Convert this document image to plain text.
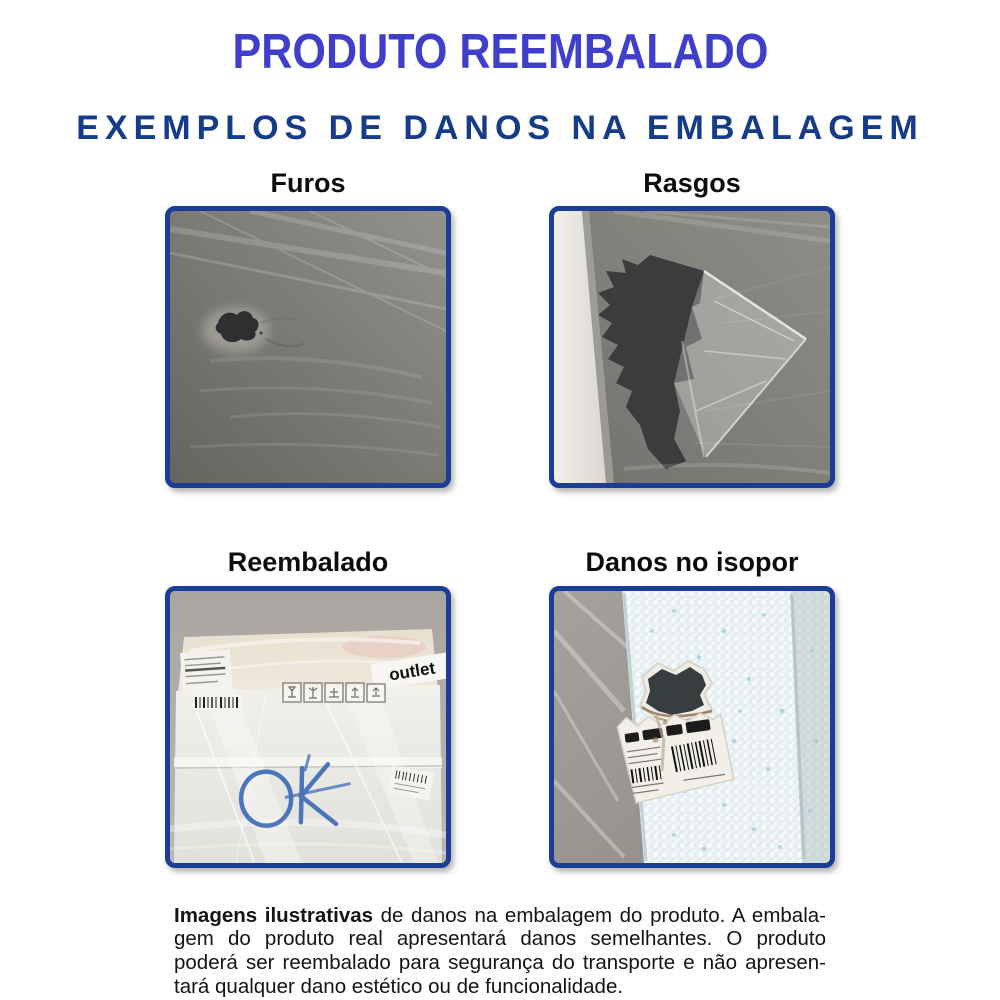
PRODUTO REEMBALADO
EXEMPLOS DE DANOS NA EMBALAGEM
Furos	Rasgos
Reembalado
outlet
Danos no isopor
Imagens ilustrativas de danos na embalagem do produto. A embala-
gem do produto real apresentará danos semelhantes. O produto
poderá ser reembalado para segurança do transporte e não apresen-
tará qualquer dano estético ou de funcionalidade.
